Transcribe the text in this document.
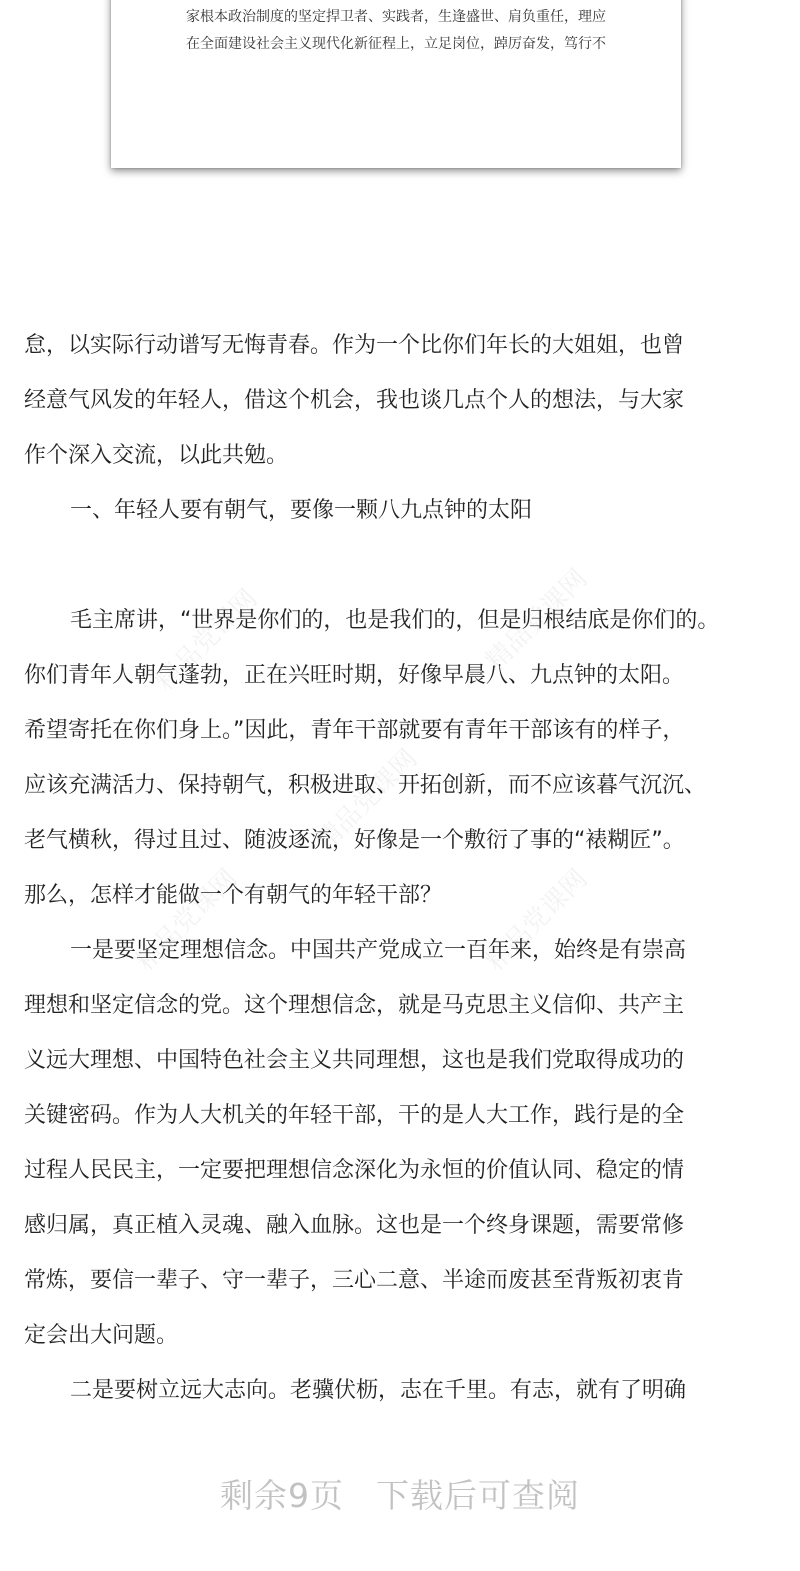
家根本政治制度的坚定捍卫者、实践者，生逢盛世、肩负重任，理应
在全面建设社会主义现代化新征程上，立足岗位，踔厉奋发，笃行不
精品党课网	精品党课网
精品党课网
精品党课网	精品党课网
怠，以实际行动谱写无悔青春。作为一个比你们年长的大姐姐，也曾
经意气风发的年轻人，借这个机会，我也谈几点个人的想法，与大家
作个深入交流，以此共勉。
一、年轻人要有朝气，要像一颗八九点钟的太阳
毛主席讲，“世界是你们的，也是我们的，但是归根结底是你们的。
你们青年人朝气蓬勃，正在兴旺时期，好像早晨八、九点钟的太阳。
希望寄托在你们身上。”因此，青年干部就要有青年干部该有的样子，
应该充满活力、保持朝气，积极进取、开拓创新，而不应该暮气沉沉、
老气横秋，得过且过、随波逐流，好像是一个敷衍了事的“裱糊匠”。
那么，怎样才能做一个有朝气的年轻干部？
一是要坚定理想信念。中国共产党成立一百年来，始终是有崇高
理想和坚定信念的党。这个理想信念，就是马克思主义信仰、共产主
义远大理想、中国特色社会主义共同理想，这也是我们党取得成功的
关键密码。作为人大机关的年轻干部，干的是人大工作，践行是的全
过程人民民主，一定要把理想信念深化为永恒的价值认同、稳定的情
感归属，真正植入灵魂、融入血脉。这也是一个终身课题，需要常修
常炼，要信一辈子、守一辈子，三心二意、半途而废甚至背叛初衷肯
定会出大问题。
二是要树立远大志向。老骥伏枥，志在千里。有志，就有了明确
剩余9页 下载后可查阅
